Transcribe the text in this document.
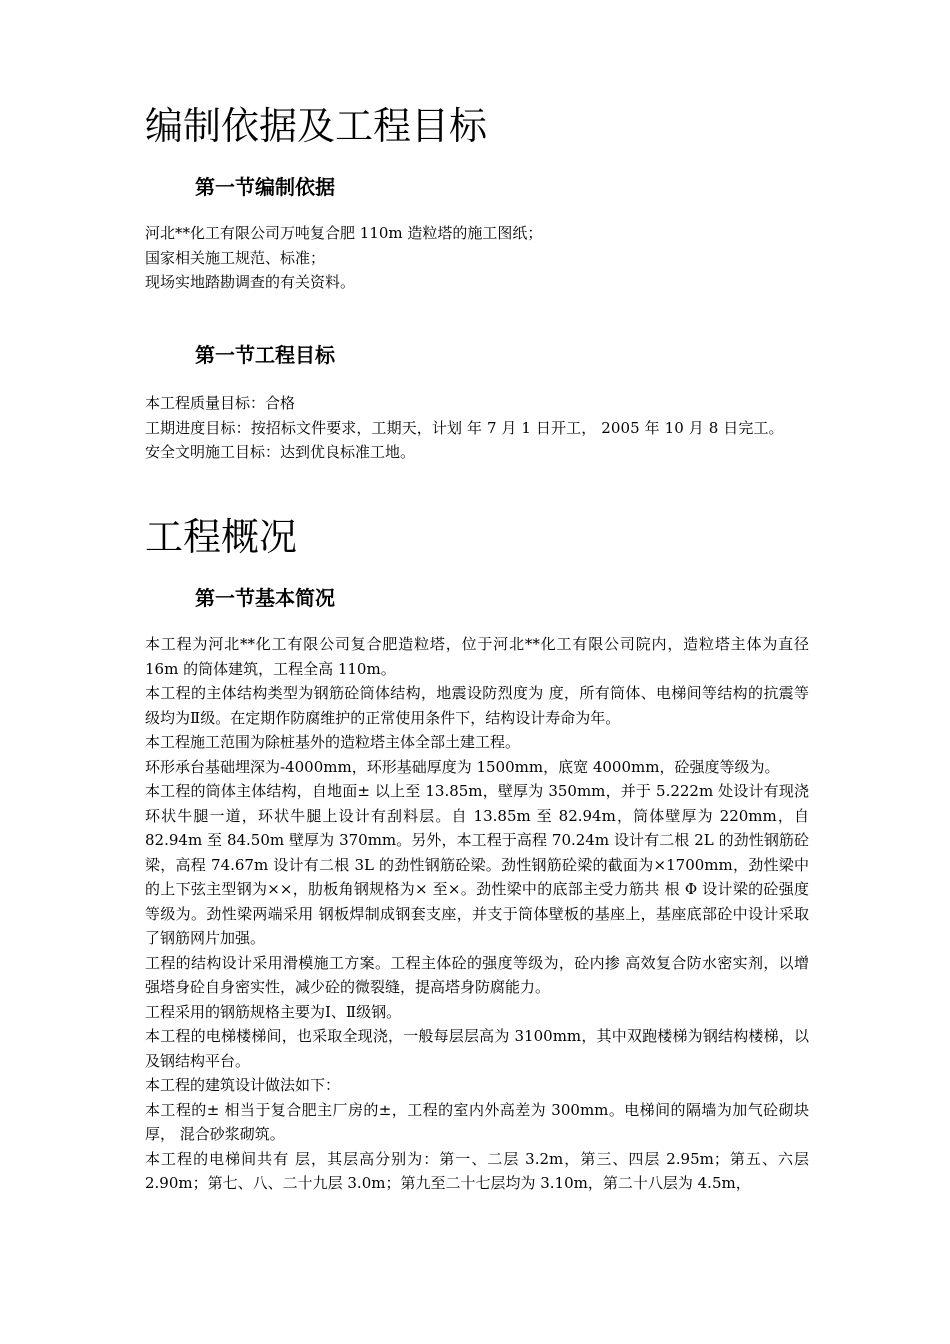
编制依据及工程目标
第一节编制依据
河北**化工有限公司万吨复合肥 110m 造粒塔的施工图纸；
国家相关施工规范、标准；
现场实地踏勘调查的有关资料。
第一节工程目标
本工程质量目标：合格
工期进度目标：按招标文件要求，工期天，计划 年 7 月 1 日开工， 2005 年 10 月 8 日完工。
安全文明施工目标：达到优良标准工地。
工程概况
第一节基本简况
本工程为河北**化工有限公司复合肥造粒塔，位于河北**化工有限公司院内，造粒塔主体为直径 16m 的筒体建筑，工程全高 110m。
本工程的主体结构类型为钢筋砼筒体结构，地震设防烈度为 度，所有筒体、电梯间等结构的抗震等级均为Ⅱ级。在定期作防腐维护的正常使用条件下，结构设计寿命为年。
本工程施工范围为除桩基外的造粒塔主体全部土建工程。
环形承台基础埋深为-4000mm，环形基础厚度为 1500mm，底宽 4000mm，砼强度等级为。
本工程的筒体主体结构，自地面± 以上至 13.85m，壁厚为 350mm，并于 5.222m 处设计有现浇环状牛腿一道，环状牛腿上设计有刮料层。自 13.85m 至 82.94m，筒体壁厚为 220mm，自 82.94m 至 84.50m 壁厚为 370mm。另外，本工程于高程 70.24m 设计有二根 2L 的劲性钢筋砼梁，高程 74.67m 设计有二根 3L 的劲性钢筋砼梁。劲性钢筋砼梁的截面为×1700mm，劲性梁中的上下弦主型钢为××，肋板角钢规格为× 至×。劲性梁中的底部主受力筋共 根 Φ 设计梁的砼强度等级为。劲性梁两端采用 钢板焊制成钢套支座，并支于筒体壁板的基座上，基座底部砼中设计采取了钢筋网片加强。
工程的结构设计采用滑模施工方案。工程主体砼的强度等级为，砼内掺 高效复合防水密实剂，以增强塔身砼自身密实性，减少砼的微裂缝，提高塔身防腐能力。
工程采用的钢筋规格主要为Ⅰ、Ⅱ级钢。
本工程的电梯楼梯间，也采取全现浇，一般每层层高为 3100mm，其中双跑楼梯为钢结构楼梯，以及钢结构平台。
本工程的建筑设计做法如下：
本工程的± 相当于复合肥主厂房的±，工程的室内外高差为 300mm。电梯间的隔墙为加气砼砌块 厚， 混合砂浆砌筑。
本工程的电梯间共有 层，其层高分别为：第一、二层 3.2m，第三、四层 2.95m；第五、六层 2.90m；第七、八、二十九层 3.0m；第九至二十七层均为 3.10m，第二十八层为 4.5m，
